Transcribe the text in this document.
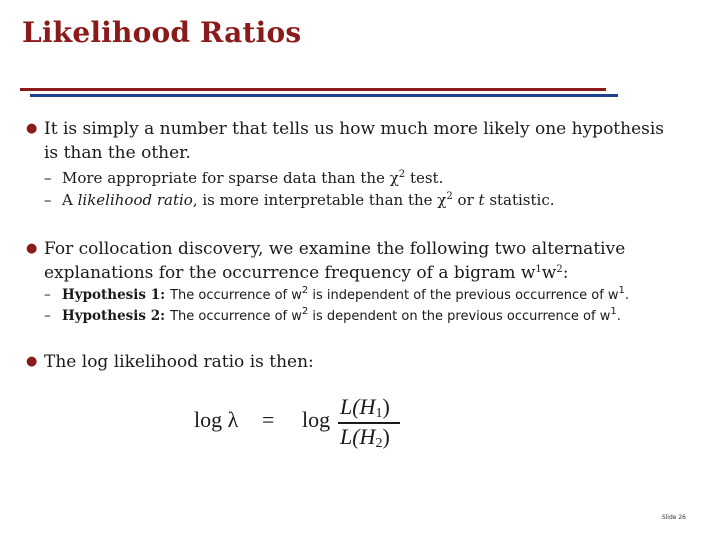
Likelihood Ratios
● It is simply a number that tells us how much more likely one hypothesis is than the other.
– More appropriate for sparse data than the $\chi^2$ test.
– A likelihood ratio, is more interpretable than the $\chi^2$ or t statistic.
● For collocation discovery, we examine the following two alternative explanations for the occurrence frequency of a bigram $w^1w^2$:
– Hypothesis 1: The occurrence of $w^2$ is independent of the previous occurrence of $w^1$.
– Hypothesis 2: The occurrence of $w^2$ is dependent on the previous occurrence of $w^1$.
● The log likelihood ratio is then:
log λ = log
$L(H_1)$
$L(H_2)$
Slide 26
